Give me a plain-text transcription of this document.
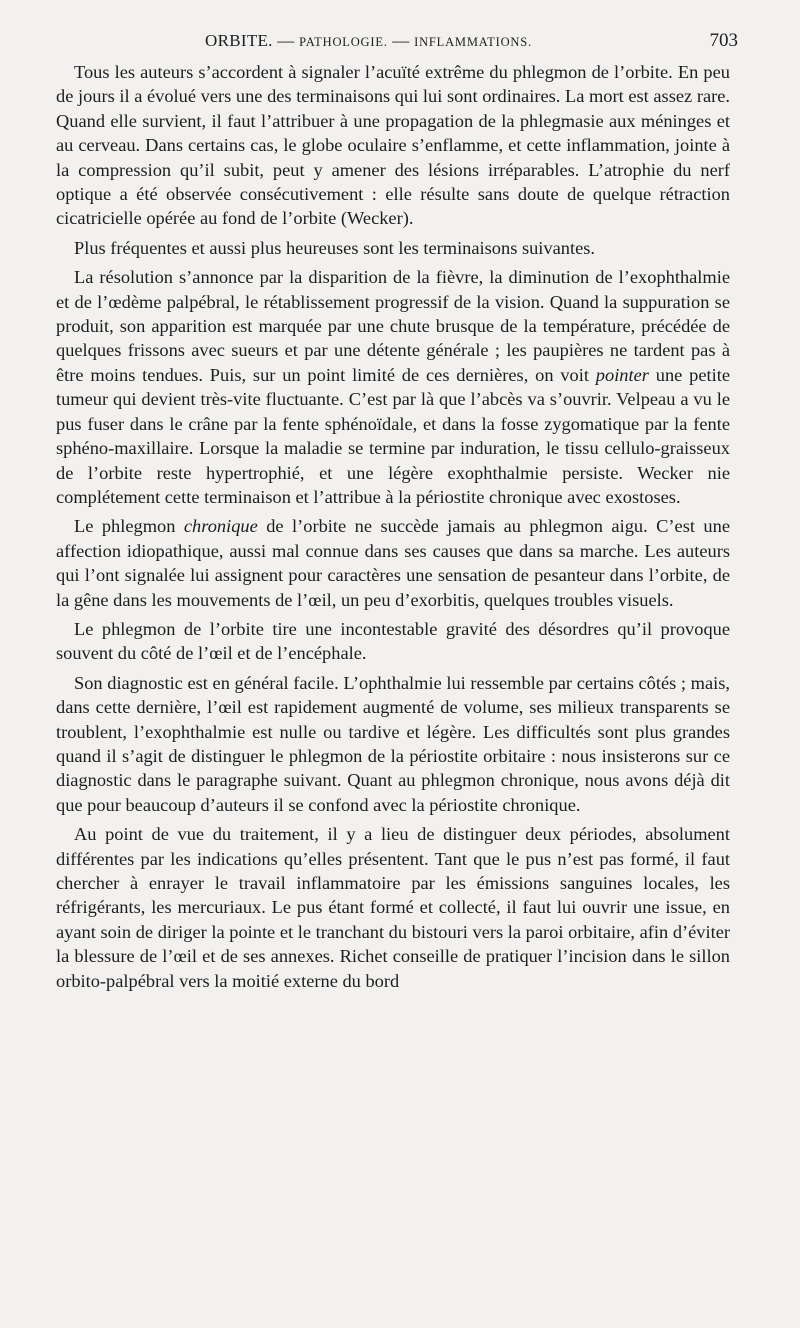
ORBITE. — PATHOLOGIE. — INFLAMMATIONS.	703

Tous les auteurs s’accordent à signaler l’acuïté extrême du phlegmon de l’orbite. En peu de jours il a évolué vers une des terminaisons qui lui sont ordinaires. La mort est assez rare. Quand elle survient, il faut l’attribuer à une propagation de la phlegmasie aux méninges et au cerveau. Dans certains cas, le globe oculaire s’enflamme, et cette inflammation, jointe à la compression qu’il subit, peut y amener des lésions irréparables. L’atrophie du nerf optique a été observée consécutivement : elle résulte sans doute de quelque rétraction cicatricielle opérée au fond de l’orbite (Wecker).

Plus fréquentes et aussi plus heureuses sont les terminaisons suivantes.

La résolution s’annonce par la disparition de la fièvre, la diminution de l’exophthalmie et de l’œdème palpébral, le rétablissement progressif de la vision. Quand la suppuration se produit, son apparition est marquée par une chute brusque de la température, précédée de quelques frissons avec sueurs et par une détente générale ; les paupières ne tardent pas à être moins tendues. Puis, sur un point limité de ces dernières, on voit pointer une petite tumeur qui devient très-vite fluctuante. C’est par là que l’abcès va s’ouvrir. Velpeau a vu le pus fuser dans le crâne par la fente sphénoïdale, et dans la fosse zygomatique par la fente sphéno-maxillaire. Lorsque la maladie se termine par induration, le tissu cellulo-graisseux de l’orbite reste hypertrophié, et une légère exophthalmie persiste. Wecker nie complétement cette terminaison et l’attribue à la périostite chronique avec exostoses.

Le phlegmon chronique de l’orbite ne succède jamais au phlegmon aigu. C’est une affection idiopathique, aussi mal connue dans ses causes que dans sa marche. Les auteurs qui l’ont signalée lui assignent pour caractères une sensation de pesanteur dans l’orbite, de la gêne dans les mouvements de l’œil, un peu d’exorbitis, quelques troubles visuels.

Le phlegmon de l’orbite tire une incontestable gravité des désordres qu’il provoque souvent du côté de l’œil et de l’encéphale.

Son diagnostic est en général facile. L’ophthalmie lui ressemble par certains côtés ; mais, dans cette dernière, l’œil est rapidement augmenté de volume, ses milieux transparents se troublent, l’exophthalmie est nulle ou tardive et légère. Les difficultés sont plus grandes quand il s’agit de distinguer le phlegmon de la périostite orbitaire : nous insisterons sur ce diagnostic dans le paragraphe suivant. Quant au phlegmon chronique, nous avons déjà dit que pour beaucoup d’auteurs il se confond avec la périostite chronique.

Au point de vue du traitement, il y a lieu de distinguer deux périodes, absolument différentes par les indications qu’elles présentent. Tant que le pus n’est pas formé, il faut chercher à enrayer le travail inflammatoire par les émissions sanguines locales, les réfrigérants, les mercuriaux. Le pus étant formé et collecté, il faut lui ouvrir une issue, en ayant soin de diriger la pointe et le tranchant du bistouri vers la paroi orbitaire, afin d’éviter la blessure de l’œil et de ses annexes. Richet conseille de pratiquer l’incision dans le sillon orbito-palpébral vers la moitié externe du bord
